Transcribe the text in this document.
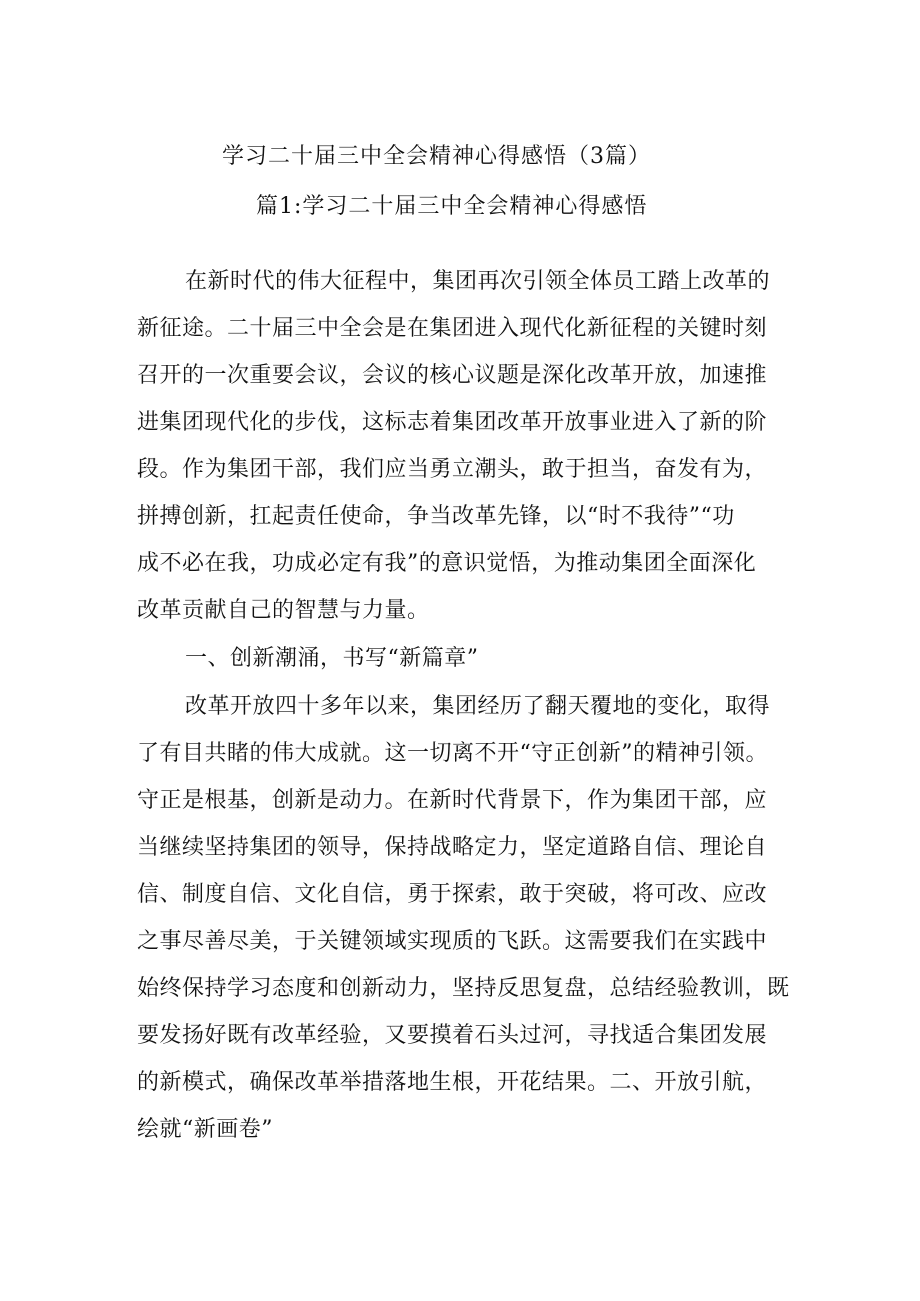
学习二十届三中全会精神心得感悟（3篇）
篇1:学习二十届三中全会精神心得感悟
在新时代的伟大征程中，集团再次引领全体员工踏上改革的
新征途。二十届三中全会是在集团进入现代化新征程的关键时刻
召开的一次重要会议，会议的核心议题是深化改革开放，加速推
进集团现代化的步伐，这标志着集团改革开放事业进入了新的阶
段。作为集团干部，我们应当勇立潮头，敢于担当，奋发有为，
拼搏创新，扛起责任使命，争当改革先锋，以“时不我待”“功
成不必在我，功成必定有我”的意识觉悟，为推动集团全面深化
改革贡献自己的智慧与力量。
一、创新潮涌，书写“新篇章”
改革开放四十多年以来，集团经历了翻天覆地的变化，取得
了有目共睹的伟大成就。这一切离不开“守正创新”的精神引领。
守正是根基，创新是动力。在新时代背景下，作为集团干部，应
当继续坚持集团的领导，保持战略定力，坚定道路自信、理论自
信、制度自信、文化自信，勇于探索，敢于突破，将可改、应改
之事尽善尽美，于关键领域实现质的飞跃。这需要我们在实践中
始终保持学习态度和创新动力，坚持反思复盘，总结经验教训，既
要发扬好既有改革经验，又要摸着石头过河，寻找适合集团发展
的新模式，确保改革举措落地生根，开花结果。二、开放引航，
绘就“新画卷”
